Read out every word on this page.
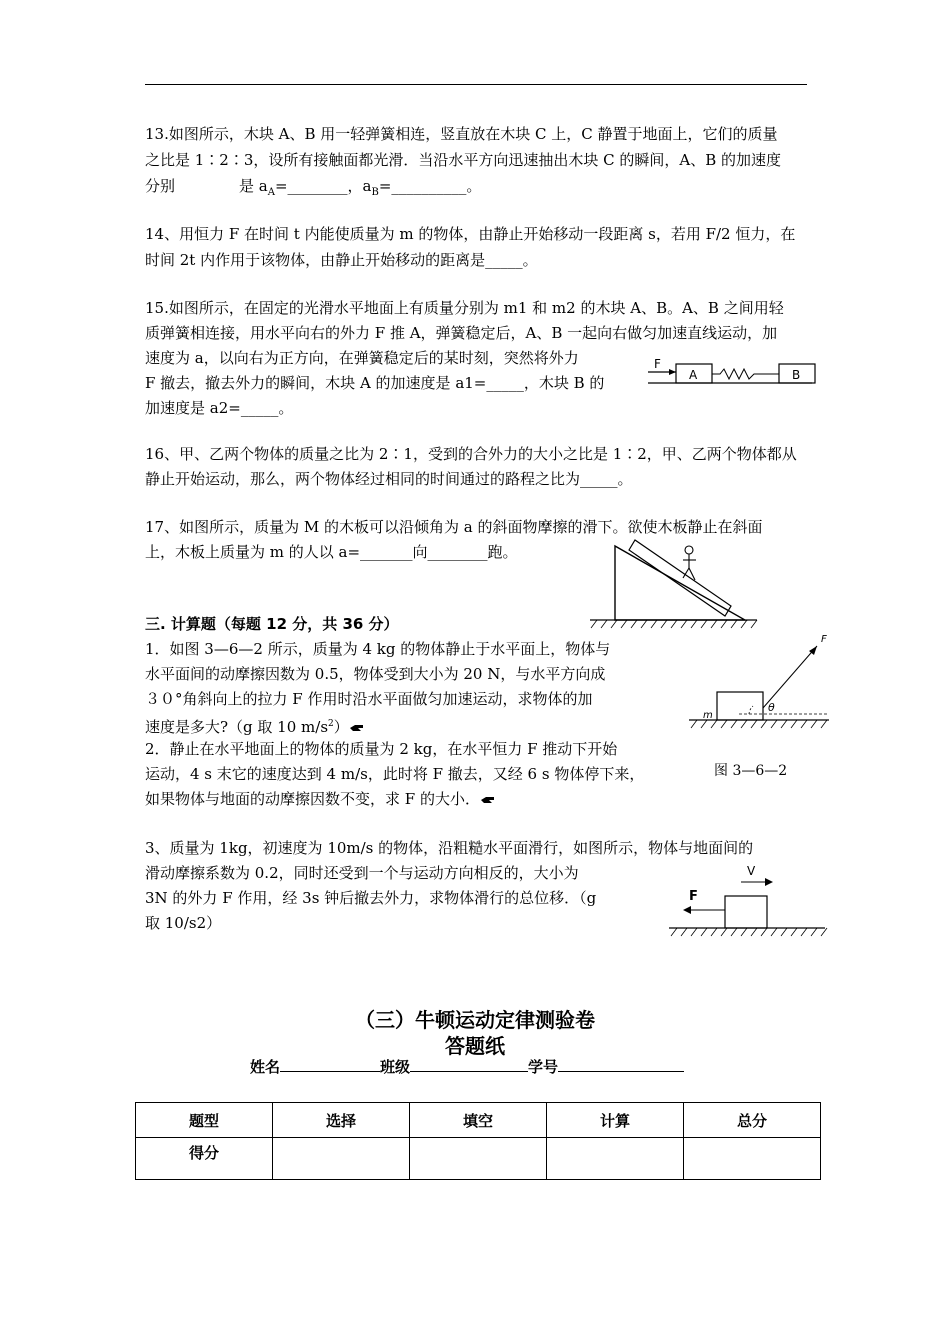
13.如图所示，木块 A、B 用一轻弹簧相连，竖直放在木块 C 上，C 静置于地面上，它们的质量
之比是 1∶2∶3，设所有接触面都光滑．当沿水平方向迅速抽出木块 C 的瞬间，A、B 的加速度
分别	是 $a_A=\_\_\_\_\_\_\_\_$，$a_B=\_\_\_\_\_\_\_\_\_\_$。
14、用恒力 F 在时间 t 内能使质量为 m 的物体，由静止开始移动一段距离 s，若用 F/2 恒力，在
时间 2t 内作用于该物体，由静止开始移动的距离是_____。
15.如图所示，在固定的光滑水平地面上有质量分别为 m1 和 m2 的木块 A、B。A、B 之间用轻
质弹簧相连接，用水平向右的外力 F 推 A，弹簧稳定后，A、B 一起向右做匀加速直线运动，加
速度为 a，以向右为正方向，在弹簧稳定后的某时刻，突然将外力
F 撤去，撤去外力的瞬间，木块 A 的加速度是 a1=_____，木块 B 的
加速度是 a2=_____。
F
A	B
16、甲、乙两个物体的质量之比为 2∶1，受到的合外力的大小之比是 1∶2，甲、乙两个物体都从
静止开始运动，那么，两个物体经过相同的时间通过的路程之比为_____。
17、如图所示，质量为 M 的木板可以沿倾角为 a 的斜面物摩擦的滑下。欲使木板静止在斜面
上，木板上质量为 m 的人以 a=_______向________跑。
三. 计算题（每题 12 分，共 36 分）
1．如图 3—6—2 所示，质量为 4 kg 的物体静止于水平面上，物体与
水平面间的动摩擦因数为 0.5，物体受到大小为 20 N，与水平方向成
３０°角斜向上的拉力 F 作用时沿水平面做匀加速运动，求物体的加
速度是多大?（g 取 10 $m/s^2$）
2．静止在水平地面上的物体的质量为 2 kg，在水平恒力 F 推动下开始
运动，4 s 末它的速度达到 4 m/s，此时将 F 撤去，又经 6 s 物体停下来，
如果物体与地面的动摩擦因数不变，求 F 的大小．
m
F
θ
图 3—6—2
3、质量为 1kg，初速度为 10m/s 的物体，沿粗糙水平面滑行，如图所示，物体与地面间的
滑动摩擦系数为 0.2，同时还受到一个与运动方向相反的，大小为
3N 的外力 F 作用，经 3s 钟后撤去外力，求物体滑行的总位移．（g
取 10/s2）
F
V
（三）牛顿运动定律测验卷
答题纸
姓名	班级	学号
题型	选择	填空	计算	总分
得分				
